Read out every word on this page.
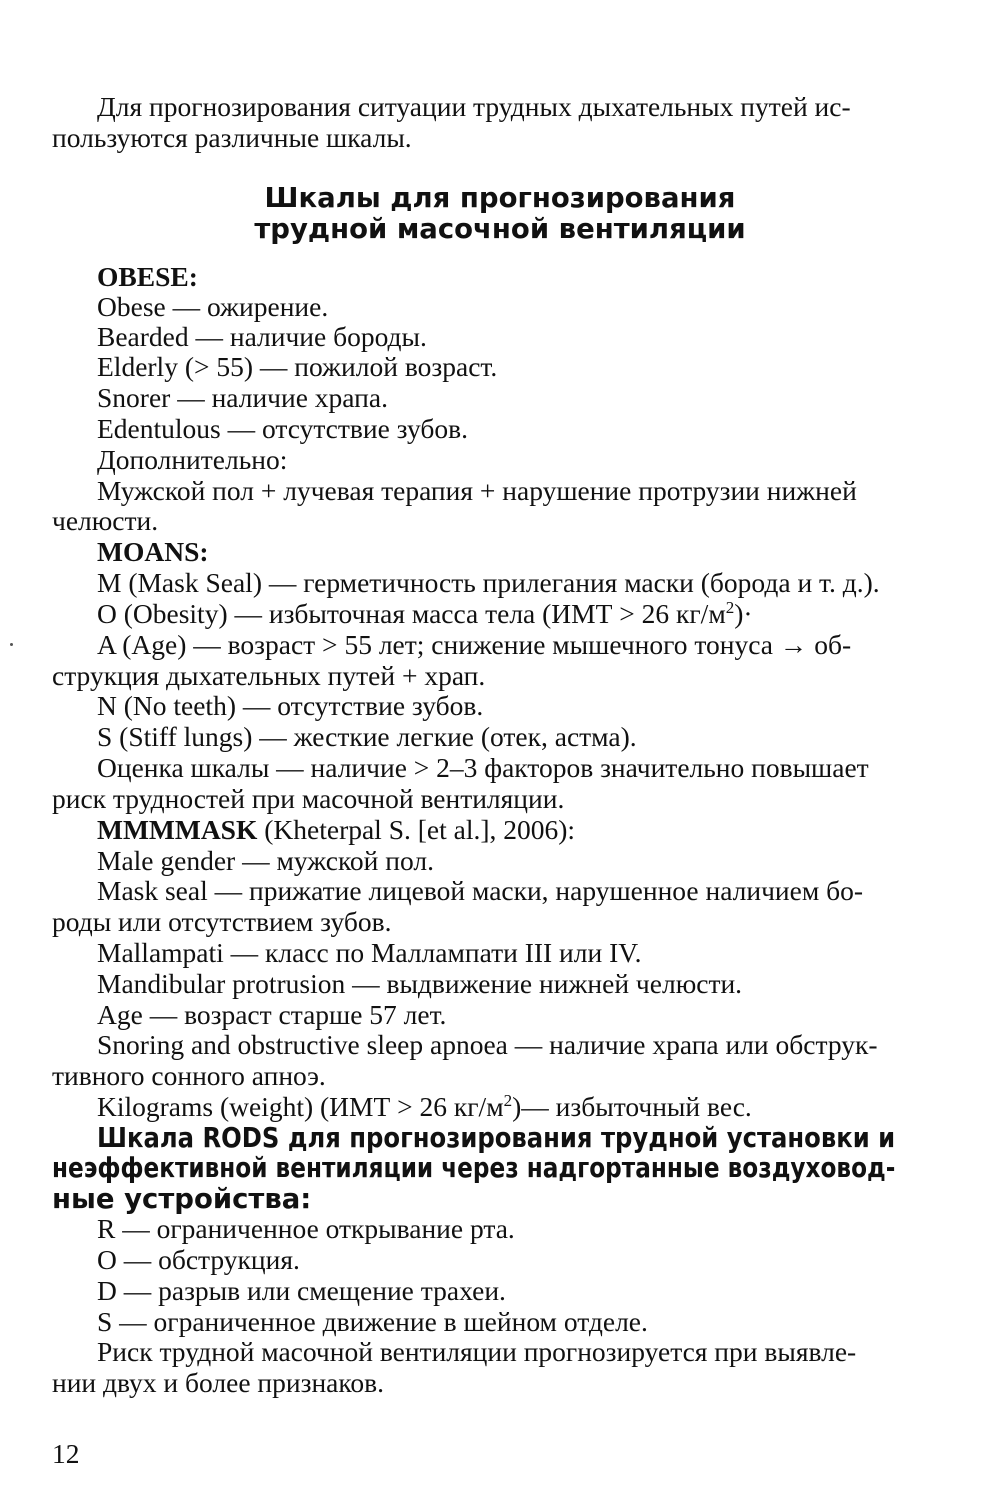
Для прогнозирования ситуации трудных дыхательных путей ис-
пользуются различные шкалы.
Шкалы для прогнозирования
трудной масочной вентиляции
OBESE:
Obese — ожирение.
Bearded — наличие бороды.
Elderly (> 55) — пожилой возраст.
Snorer — наличие храпа.
Edentulous — отсутствие зубов.
Дополнительно:
Мужской пол + лучевая терапия + нарушение протрузии нижней
челюсти.
MOANS:
M (Mask Seal) — герметичность прилегания маски (борода и т. д.).
O (Obesity) — избыточная масса тела (ИМТ > 26 $кг/м^2)\cdot$
A (Age) — возраст > 55 лет; снижение мышечного тонуса → об-
струкция дыхательных путей + храп.
N (No teeth) — отсутствие зубов.
S (Stiff lungs) — жесткие легкие (отек, астма).
Оценка шкалы — наличие > 2–3 факторов значительно повышает
риск трудностей при масочной вентиляции.
MMMMASK (Kheterpal S. [et al.], 2006):
Male gender — мужской пол.
Mask seal — прижатие лицевой маски, нарушенное наличием бо-
роды или отсутствием зубов.
Mallampati — класс по Маллампати III или IV.
Mandibular protrusion — выдвижение нижней челюсти.
Age — возраст старше 57 лет.
Snoring and obstructive sleep apnoea — наличие храпа или обструк-
тивного сонного апноэ.
Kilograms (weight) (ИМТ > 26 $кг/м^2)—$ избыточный вес.
Шкала RODS для прогнозирования трудной установки и
неэффективной вентиляции через надгортанные воздуховод-
ные устройства:
R — ограниченное открывание рта.
O — обструкция.
D — разрыв или смещение трахеи.
S — ограниченное движение в шейном отделе.
Риск трудной масочной вентиляции прогнозируется при выявле-
нии двух и более признаков.
12
